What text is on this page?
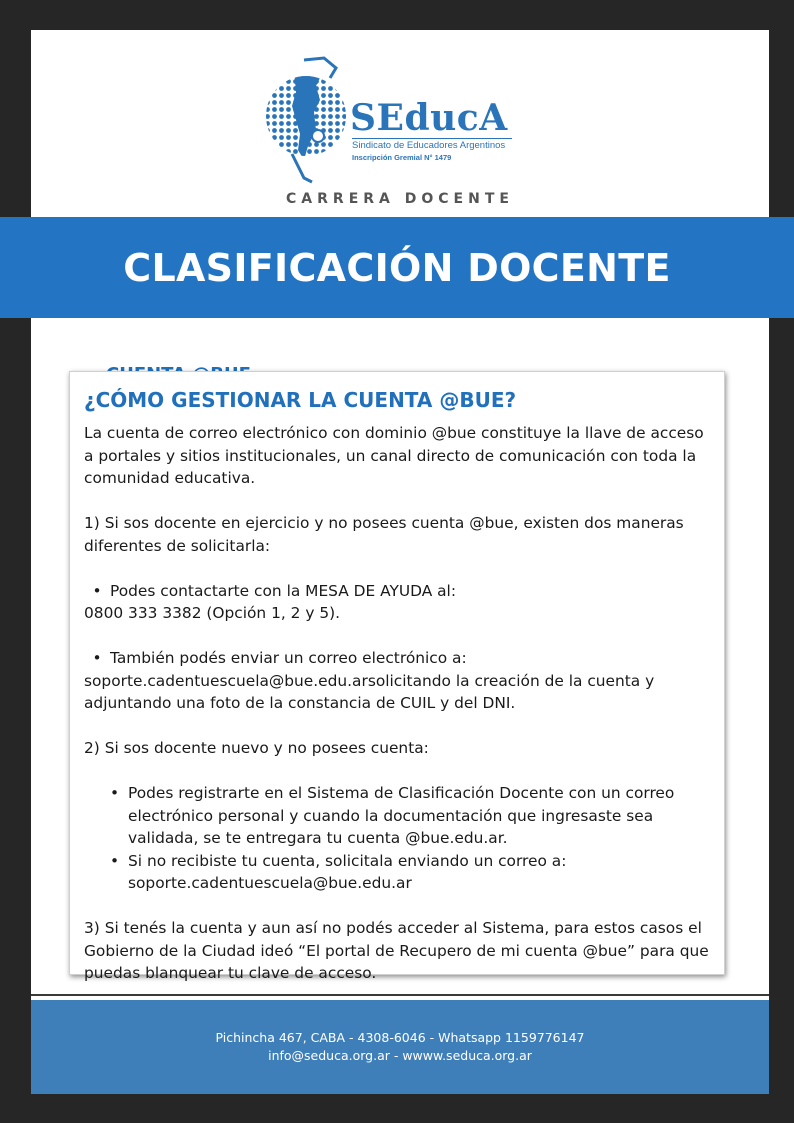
SEducA
Sindicato de Educadores Argentinos
Inscripción Gremial N° 1479
CARRERA DOCENTE
Pichincha 467, CABA - 4308-6046 - Whatsapp 1159776147
info@seduca.org.ar - wwww.seduca.org.ar
CLASIFICACIÓN DOCENTE
¿CÓMO GESTIONAR LA CUENTA @BUE?

La cuenta de correo electrónico con dominio @bue constituye la llave de acceso a portales y sitios institucionales, un canal directo de comunicación con toda la comunidad educativa.

1) Si sos docente en ejercicio y no posees cuenta @bue, existen dos maneras diferentes de solicitarla:

• Podes contactarte con la MESA DE AYUDA al:

0800 333 3382 (Opción 1, 2 y 5).

• También podés enviar un correo electrónico a:

soporte.cadentuescuela@bue.edu.arsolicitando la creación de la cuenta y adjuntando una foto de la constancia de CUIL y del DNI.

2) Si sos docente nuevo y no posees cuenta:

• Podes registrarte en el Sistema de Clasificación Docente con un correo electrónico personal y cuando la documentación que ingresaste sea validada, se te entregara tu cuenta @bue.edu.ar.
• Si no recibiste tu cuenta, solicitala enviando un correo a: soporte.cadentuescuela@bue.edu.ar

3) Si tenés la cuenta y aun así no podés acceder al Sistema, para estos casos el Gobierno de la Ciudad ideó “El portal de Recupero de mi cuenta @bue” para que puedas blanquear tu clave de acceso.
